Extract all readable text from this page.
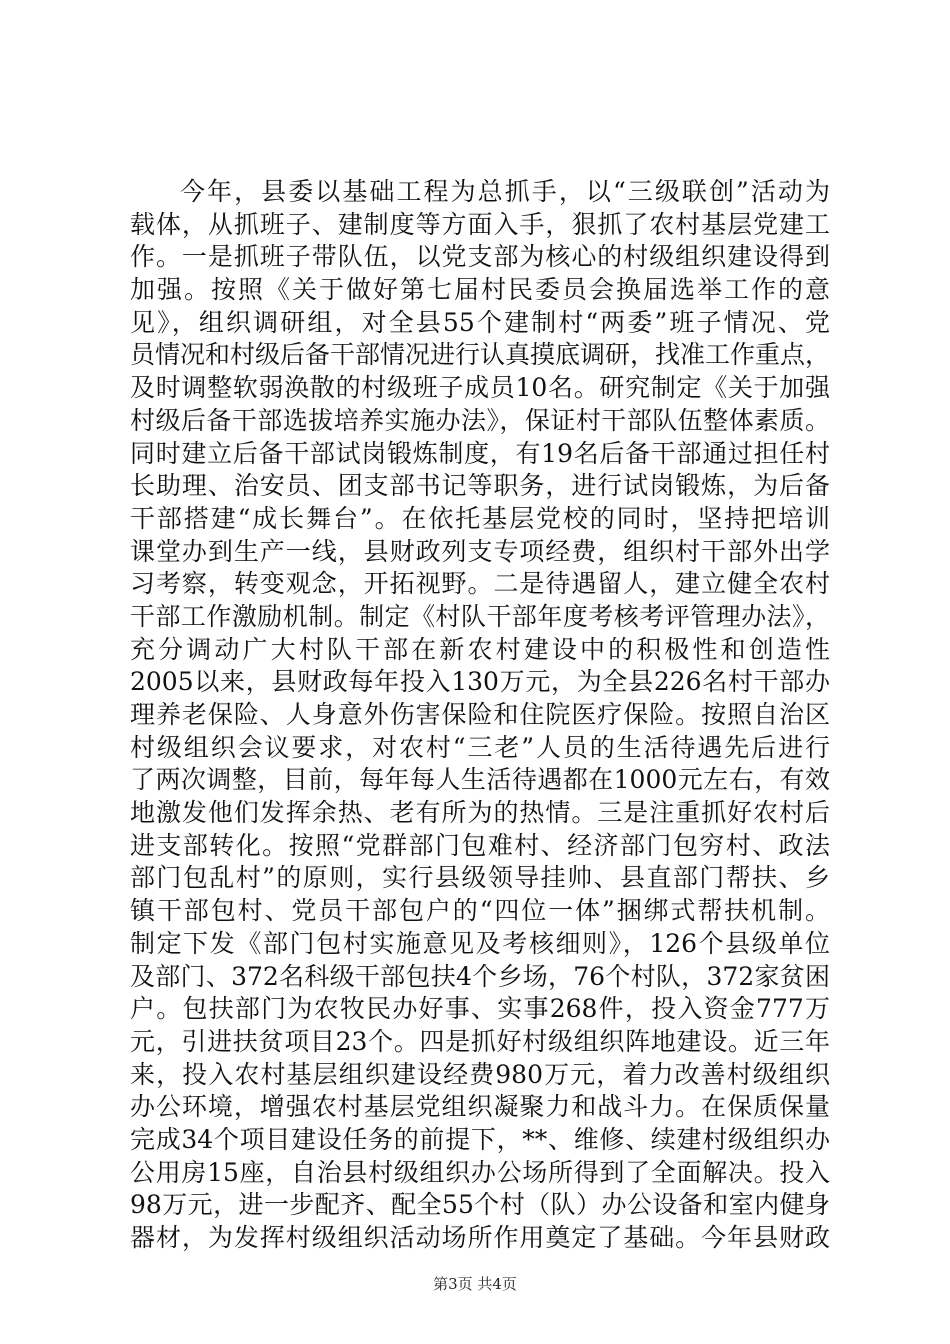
今年，县委以基础工程为总抓手，以“三级联创”活动为
载体，从抓班子、建制度等方面入手，狠抓了农村基层党建工
作。一是抓班子带队伍，以党支部为核心的村级组织建设得到
加强。按照《关于做好第七届村民委员会换届选举工作的意
见》，组织调研组，对全县55个建制村“两委”班子情况、党
员情况和村级后备干部情况进行认真摸底调研，找准工作重点，
及时调整软弱涣散的村级班子成员10名。研究制定《关于加强
村级后备干部选拔培养实施办法》，保证村干部队伍整体素质。
同时建立后备干部试岗锻炼制度，有19名后备干部通过担任村
长助理、治安员、团支部书记等职务，进行试岗锻炼，为后备
干部搭建“成长舞台”。在依托基层党校的同时，坚持把培训
课堂办到生产一线，县财政列支专项经费，组织村干部外出学
习考察，转变观念，开拓视野。二是待遇留人，建立健全农村
干部工作激励机制。制定《村队干部年度考核考评管理办法》，
充分调动广大村队干部在新农村建设中的积极性和创造性
2005以来，县财政每年投入130万元，为全县226名村干部办
理养老保险、人身意外伤害保险和住院医疗保险。按照自治区
村级组织会议要求，对农村“三老”人员的生活待遇先后进行
了两次调整，目前，每年每人生活待遇都在1000元左右，有效
地激发他们发挥余热、老有所为的热情。三是注重抓好农村后
进支部转化。按照“党群部门包难村、经济部门包穷村、政法
部门包乱村”的原则，实行县级领导挂帅、县直部门帮扶、乡
镇干部包村、党员干部包户的“四位一体”捆绑式帮扶机制。
制定下发《部门包村实施意见及考核细则》，126个县级单位
及部门、372名科级干部包扶4个乡场，76个村队，372家贫困
户。包扶部门为农牧民办好事、实事268件，投入资金777万
元，引进扶贫项目23个。四是抓好村级组织阵地建设。近三年
来，投入农村基层组织建设经费980万元，着力改善村级组织
办公环境，增强农村基层党组织凝聚力和战斗力。在保质保量
完成34个项目建设任务的前提下，**、维修、续建村级组织办
公用房15座，自治县村级组织办公场所得到了全面解决。投入
98万元，进一步配齐、配全55个村（队）办公设备和室内健身
器材，为发挥村级组织活动场所作用奠定了基础。今年县财政
第3页 共4页
